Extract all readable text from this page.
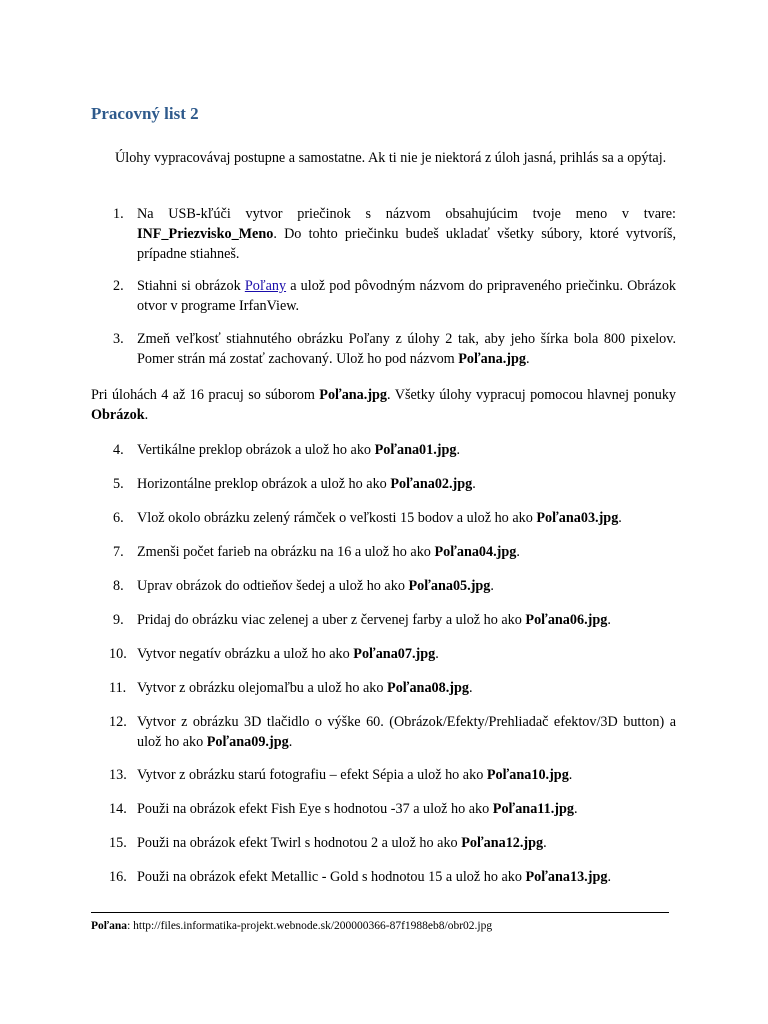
Pracovný list 2
Úlohy vypracovávaj postupne a samostatne. Ak ti nie je niektorá z úloh jasná, prihlás sa a opýtaj.
1. Na USB-kľúči vytvor priečinok s názvom obsahujúcim tvoje meno v tvare: INF_Priezvisko_Meno. Do tohto priečinku budeš ukladať všetky súbory, ktoré vytvoríš, prípadne stiahneš.
2. Stiahni si obrázok Poľany a ulož pod pôvodným názvom do pripraveného priečinku. Obrázok otvor v programe IrfanView.
3. Zmeň veľkosť stiahnutého obrázku Poľany z úlohy 2 tak, aby jeho šírka bola 800 pixelov. Pomer strán má zostať zachovaný. Ulož ho pod názvom Poľana.jpg.
Pri úlohách 4 až 16 pracuj so súborom Poľana.jpg. Všetky úlohy vypracuj pomocou hlavnej ponuky Obrázok.
4. Vertikálne preklop obrázok a ulož ho ako Poľana01.jpg.
5. Horizontálne preklop obrázok a ulož ho ako Poľana02.jpg.
6. Vlož okolo obrázku zelený rámček o veľkosti 15 bodov a ulož ho ako Poľana03.jpg.
7. Zmenši počet farieb na obrázku na 16 a ulož ho ako Poľana04.jpg.
8. Uprav obrázok do odtieňov šedej a ulož ho ako Poľana05.jpg.
9. Pridaj do obrázku viac zelenej a uber z červenej farby a ulož ho ako Poľana06.jpg.
10. Vytvor negatív obrázku a ulož ho ako Poľana07.jpg.
11. Vytvor z obrázku olejomaľbu a ulož ho ako Poľana08.jpg.
12. Vytvor z obrázku 3D tlačidlo o výške 60. (Obrázok/Efekty/Prehliadač efektov/3D button) a ulož ho ako Poľana09.jpg.
13. Vytvor z obrázku starú fotografiu – efekt Sépia a ulož ho ako Poľana10.jpg.
14. Použi na obrázok efekt Fish Eye s hodnotou -37 a ulož ho ako Poľana11.jpg.
15. Použi na obrázok efekt Twirl s hodnotou 2 a ulož ho ako Poľana12.jpg.
16. Použi na obrázok efekt Metallic - Gold s hodnotou 15 a ulož ho ako Poľana13.jpg.
Poľana: http://files.informatika-projekt.webnode.sk/200000366-87f1988eb8/obr02.jpg
